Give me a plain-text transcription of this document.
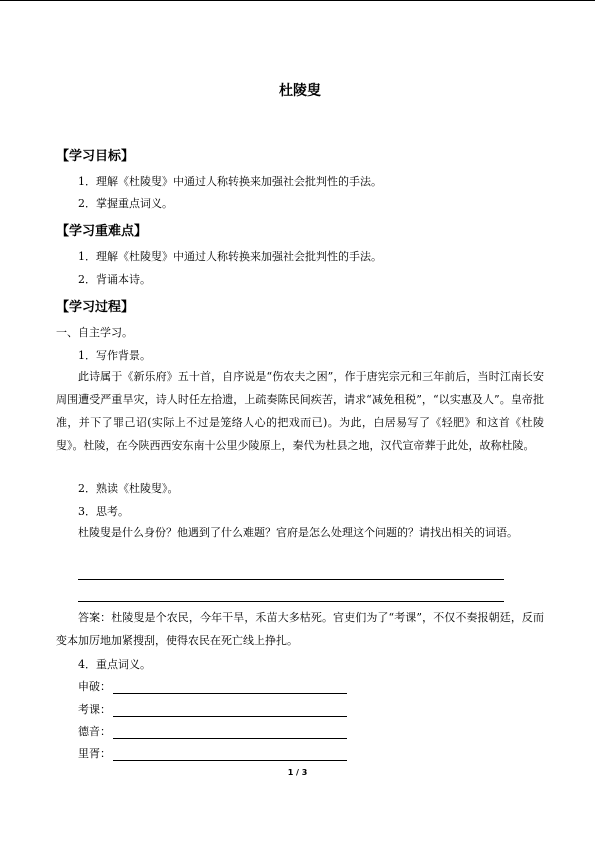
杜陵叟
【学习目标】
1．理解《杜陵叟》中通过人称转换来加强社会批判性的手法。
2．掌握重点词义。
【学习重难点】
1．理解《杜陵叟》中通过人称转换来加强社会批判性的手法。
2．背诵本诗。
【学习过程】
一、自主学习。
1．写作背景。
此诗属于《新乐府》五十首，自序说是“伤农夫之困”，作于唐宪宗元和三年前后，当时江南长安周围遭受严重旱灾，诗人时任左拾遗，上疏奏陈民间疾苦，请求“减免租税”，“以实惠及人”。皇帝批准，并下了罪己诏(实际上不过是笼络人心的把戏而已)。为此，白居易写了《轻肥》和这首《杜陵叟》。杜陵，在今陕西西安东南十公里少陵原上，秦代为杜县之地，汉代宣帝葬于此处，故称杜陵。
2．熟读《杜陵叟》。
3．思考。
杜陵叟是什么身份？他遇到了什么难题？官府是怎么处理这个问题的？请找出相关的词语。
答案：杜陵叟是个农民，今年干旱，禾苗大多枯死。官吏们为了“考课”，不仅不奏报朝廷，反而变本加厉地加紧搜刮，使得农民在死亡线上挣扎。
4．重点词义。
申破：
考课：
德音：
里胥：
1 / 3
